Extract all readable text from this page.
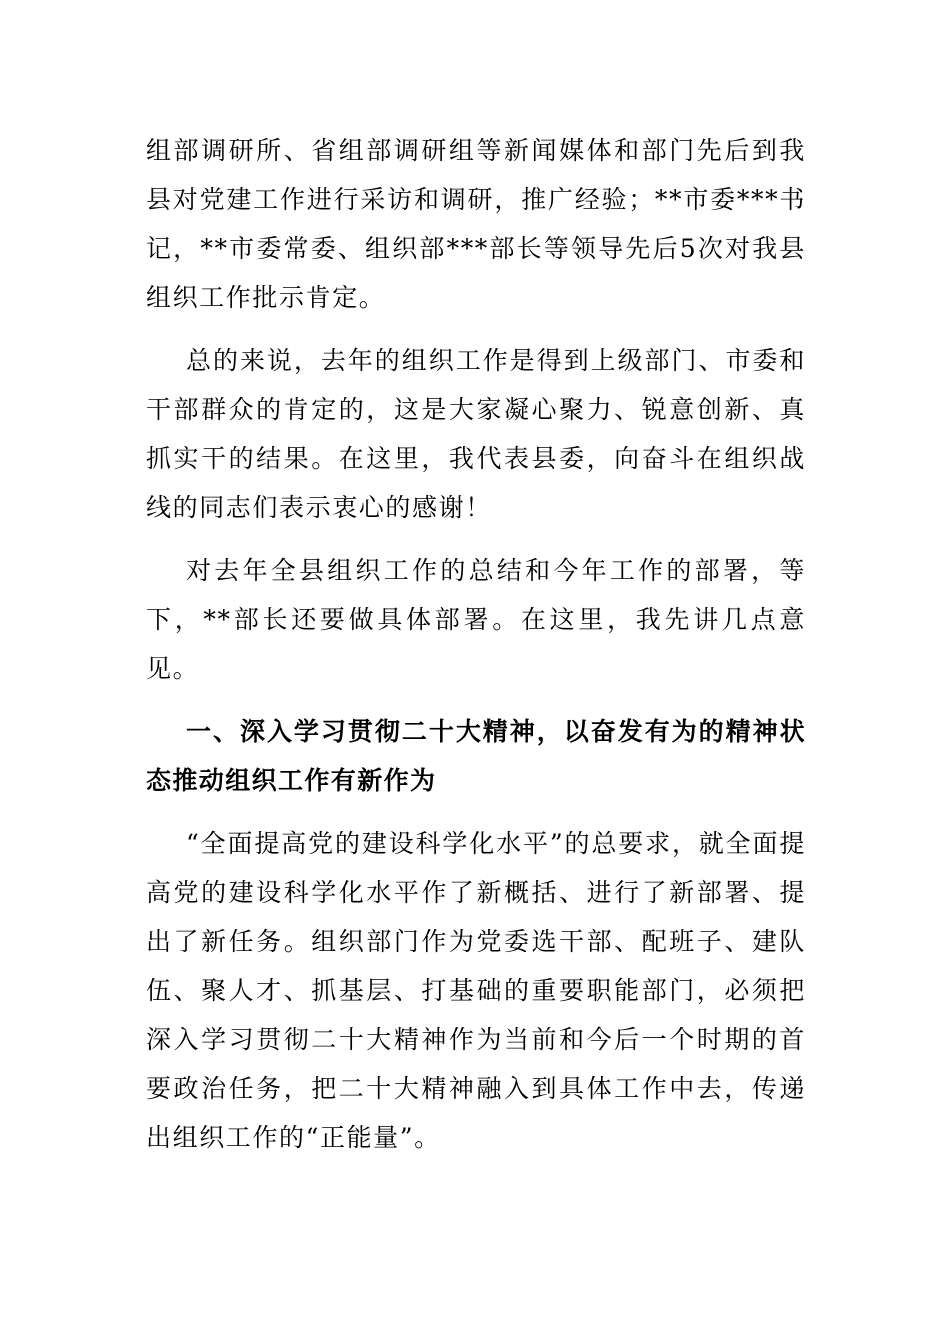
组部调研所、省组部调研组等新闻媒体和部门先后到我县对党建工作进行采访和调研，推广经验；**市委***书记，**市委常委、组织部***部长等领导先后5次对我县组织工作批示肯定。

总的来说，去年的组织工作是得到上级部门、市委和干部群众的肯定的，这是大家凝心聚力、锐意创新、真抓实干的结果。在这里，我代表县委，向奋斗在组织战线的同志们表示衷心的感谢！

对去年全县组织工作的总结和今年工作的部署，等下，**部长还要做具体部署。在这里，我先讲几点意见。

一、深入学习贯彻二十大精神，以奋发有为的精神状态推动组织工作有新作为

“全面提高党的建设科学化水平”的总要求，就全面提高党的建设科学化水平作了新概括、进行了新部署、提出了新任务。组织部门作为党委选干部、配班子、建队伍、聚人才、抓基层、打基础的重要职能部门，必须把深入学习贯彻二十大精神作为当前和今后一个时期的首要政治任务，把二十大精神融入到具体工作中去，传递出组织工作的“正能量”。
